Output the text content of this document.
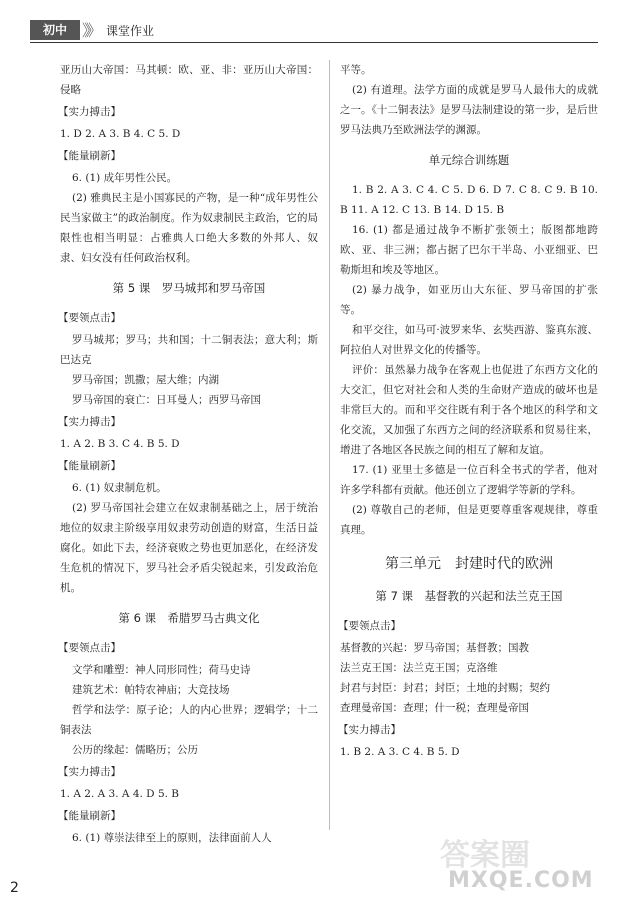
初中 》》 课堂作业

亚历山大帝国：马其顿：欧、亚、非：亚历山大帝国：侵略

【实力搏击】

1. D 2. A 3. B 4. C 5. D

【能量刷新】

6. (1) 成年男性公民。

(2) 雅典民主是小国寡民的产物，是一种“成年男性公民当家做主”的政治制度。作为奴隶制民主政治，它的局限性也相当明显：占雅典人口绝大多数的外邦人、奴隶、妇女没有任何政治权利。

第 5 课　罗马城邦和罗马帝国

【要领点击】

罗马城邦；罗马；共和国；十二铜表法；意大利；斯巴达克

罗马帝国；凯撒；屋大维；内湖

罗马帝国的衰亡：日耳曼人；西罗马帝国

【实力搏击】

1. A 2. B 3. C 4. B 5. D

【能量刷新】

6. (1) 奴隶制危机。

(2) 罗马帝国社会建立在奴隶制基础之上，居于统治地位的奴隶主阶级享用奴隶劳动创造的财富，生活日益腐化。如此下去，经济衰败之势也更加恶化，在经济发生危机的情况下，罗马社会矛盾尖锐起来，引发政治危机。

第 6 课　希腊罗马古典文化

【要领点击】

文学和雕塑：神人同形同性；荷马史诗

建筑艺术：帕特农神庙；大竞技场

哲学和法学：原子论；人的内心世界；逻辑学；十二铜表法

公历的缘起：儒略历；公历

【实力搏击】

1. A 2. A 3. A 4. D 5. B

【能量刷新】

6. (1) 尊崇法律至上的原则，法律面前人人

平等。

(2) 有道理。法学方面的成就是罗马人最伟大的成就之一。《十二铜表法》是罗马法制建设的第一步，是后世罗马法典乃至欧洲法学的渊源。

单元综合训练题

1. B 2. A 3. C 4. C 5. D 6. D 7. C 8. C 9. B 10. B 11. A 12. C 13. B 14. D 15. B

16. (1) 都是通过战争不断扩张领土；版图都地跨欧、亚、非三洲；都占据了巴尔干半岛、小亚细亚、巴勒斯坦和埃及等地区。

(2) 暴力战争，如亚历山大东征、罗马帝国的扩张等。

和平交往，如马可·波罗来华、玄奘西游、鉴真东渡、阿拉伯人对世界文化的传播等。

评价：虽然暴力战争在客观上也促进了东西方文化的大交汇，但它对社会和人类的生命财产造成的破坏也是非常巨大的。而和平交往既有利于各个地区的科学和文化交流，又加强了东西方之间的经济联系和贸易往来，增进了各地区各民族之间的相互了解和友谊。

17. (1) 亚里士多德是一位百科全书式的学者，他对许多学科都有贡献。他还创立了逻辑学等新的学科。

(2) 尊敬自己的老师，但是更要尊重客观规律，尊重真理。

第三单元　封建时代的欧洲

第 7 课　基督教的兴起和法兰克王国

【要领点击】

基督教的兴起：罗马帝国；基督教；国教

法兰克王国：法兰克王国；克洛维

封君与封臣：封君；封臣；土地的封赐；契约

查理曼帝国：查理；什一税；查理曼帝国

【实力搏击】

1. B 2. A 3. C 4. B 5. D

答案圈
MXQE.COM
2
